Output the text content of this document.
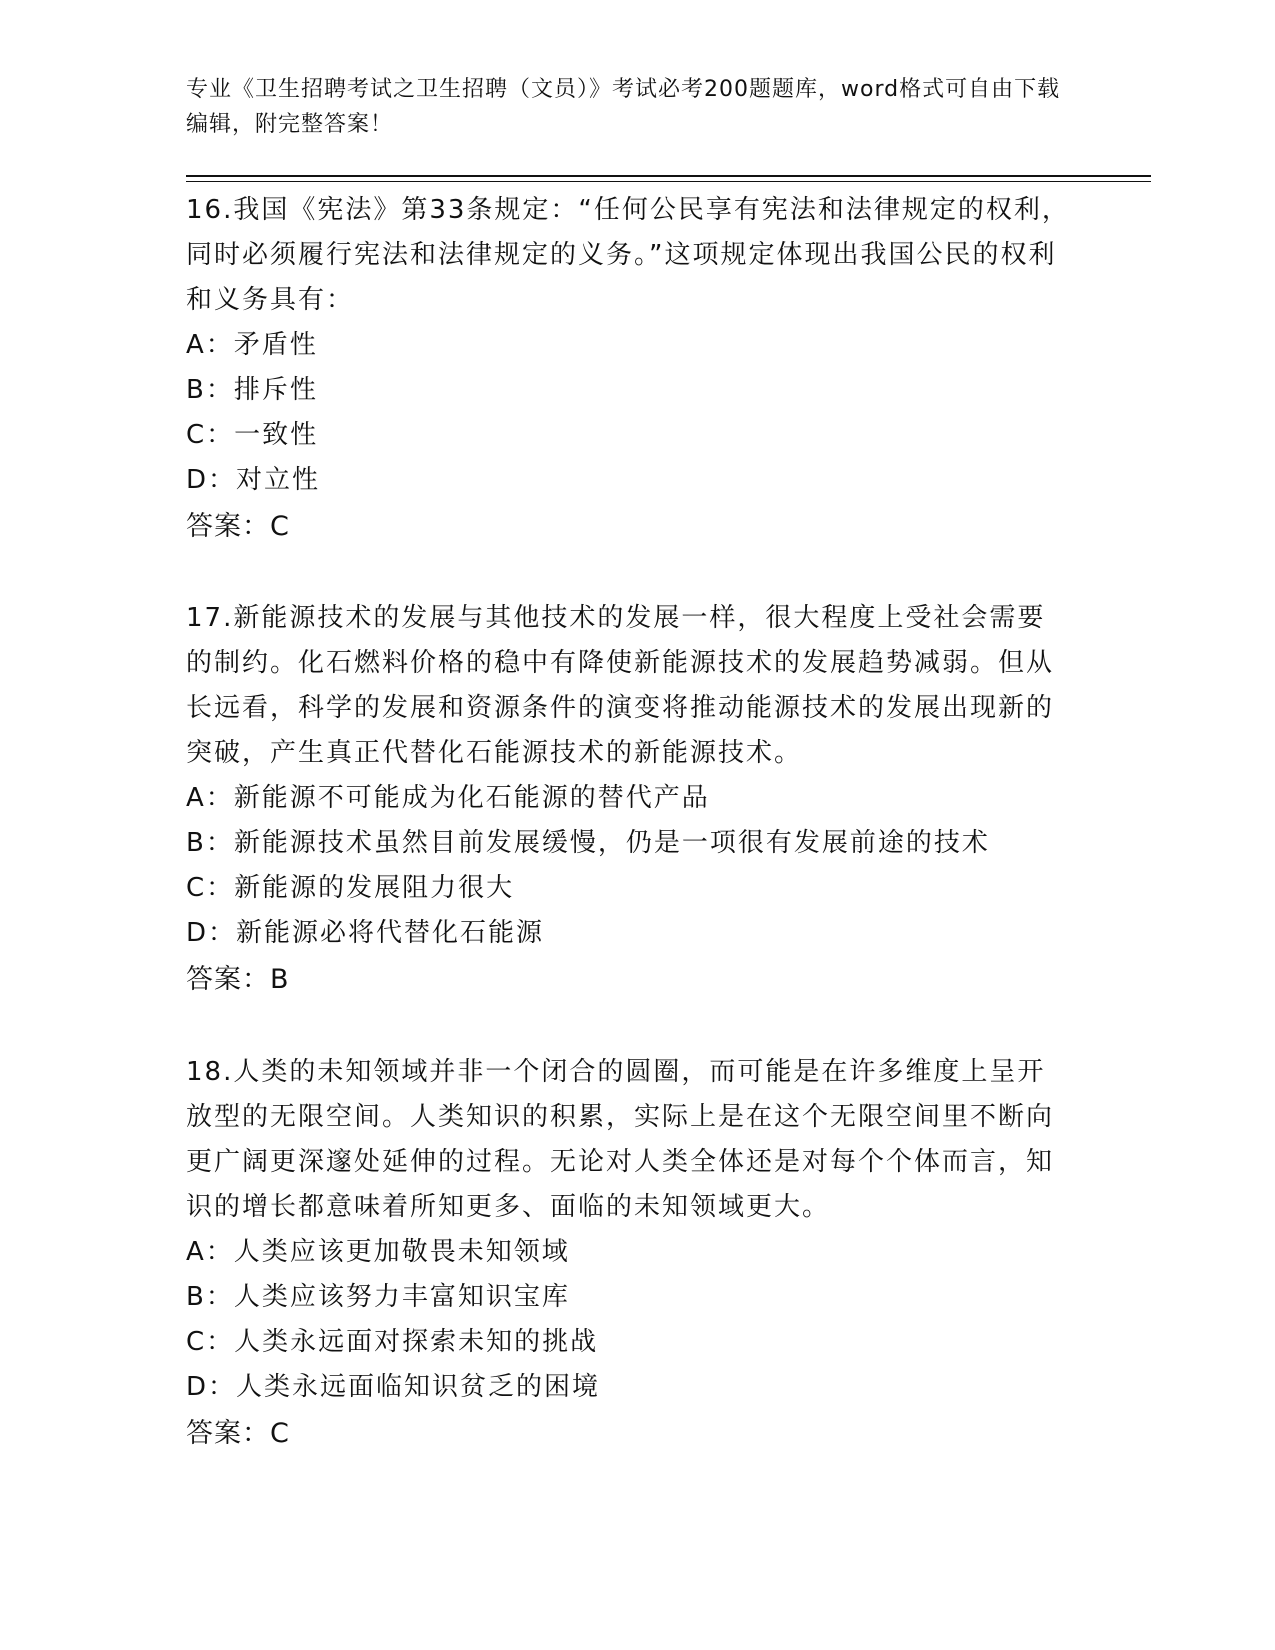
专业《卫生招聘考试之卫生招聘（文员）》考试必考200题题库，word格式可自由下载编辑，附完整答案！
16.我国《宪法》第33条规定：“任何公民享有宪法和法律规定的权利，同时必须履行宪法和法律规定的义务。”这项规定体现出我国公民的权利和义务具有：
A：矛盾性
B：排斥性
C：一致性
D：对立性
答案：C
17.新能源技术的发展与其他技术的发展一样，很大程度上受社会需要的制约。化石燃料价格的稳中有降使新能源技术的发展趋势减弱。但从长远看，科学的发展和资源条件的演变将推动能源技术的发展出现新的突破，产生真正代替化石能源技术的新能源技术。
A：新能源不可能成为化石能源的替代产品
B：新能源技术虽然目前发展缓慢，仍是一项很有发展前途的技术
C：新能源的发展阻力很大
D：新能源必将代替化石能源
答案：B
18.人类的未知领域并非一个闭合的圆圈，而可能是在许多维度上呈开放型的无限空间。人类知识的积累，实际上是在这个无限空间里不断向更广阔更深邃处延伸的过程。无论对人类全体还是对每个个体而言，知识的增长都意味着所知更多、面临的未知领域更大。
A：人类应该更加敬畏未知领域
B：人类应该努力丰富知识宝库
C：人类永远面对探索未知的挑战
D：人类永远面临知识贫乏的困境
答案：C
